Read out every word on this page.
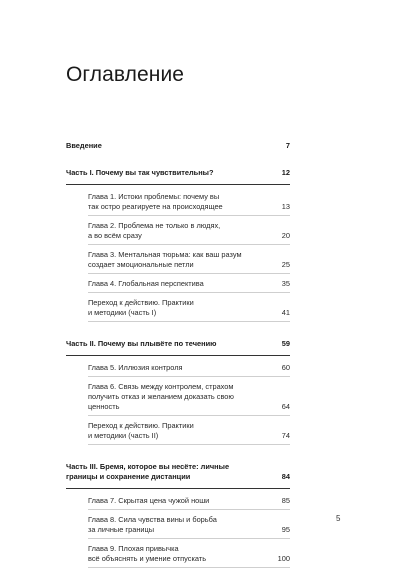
Оглавление
Введение	7
Часть I. Почему вы так чувствительны?	12
Глава 1. Истоки проблемы: почему вы
так остро реагируете на происходящее	13
Глава 2. Проблема не только в людях,
а во всём сразу	20
Глава 3. Ментальная тюрьма: как ваш разум
создает эмоциональные петли	25
Глава 4. Глобальная перспектива	35
Переход к действию. Практики
и методики (часть I)	41
Часть II. Почему вы плывёте по течению	59
Глава 5. Иллюзия контроля	60
Глава 6. Связь между контролем, страхом
получить отказ и желанием доказать свою
ценность	64
Переход к действию. Практики
и методики (часть II)	74
Часть III. Бремя, которое вы несёте: личные
границы и сохранение дистанции	84
Глава 7. Скрытая цена чужой ноши	85
Глава 8. Сила чувства вины и борьба
за личные границы	95
Глава 9. Плохая привычка
всё объяснять и умение отпускать	100
5
